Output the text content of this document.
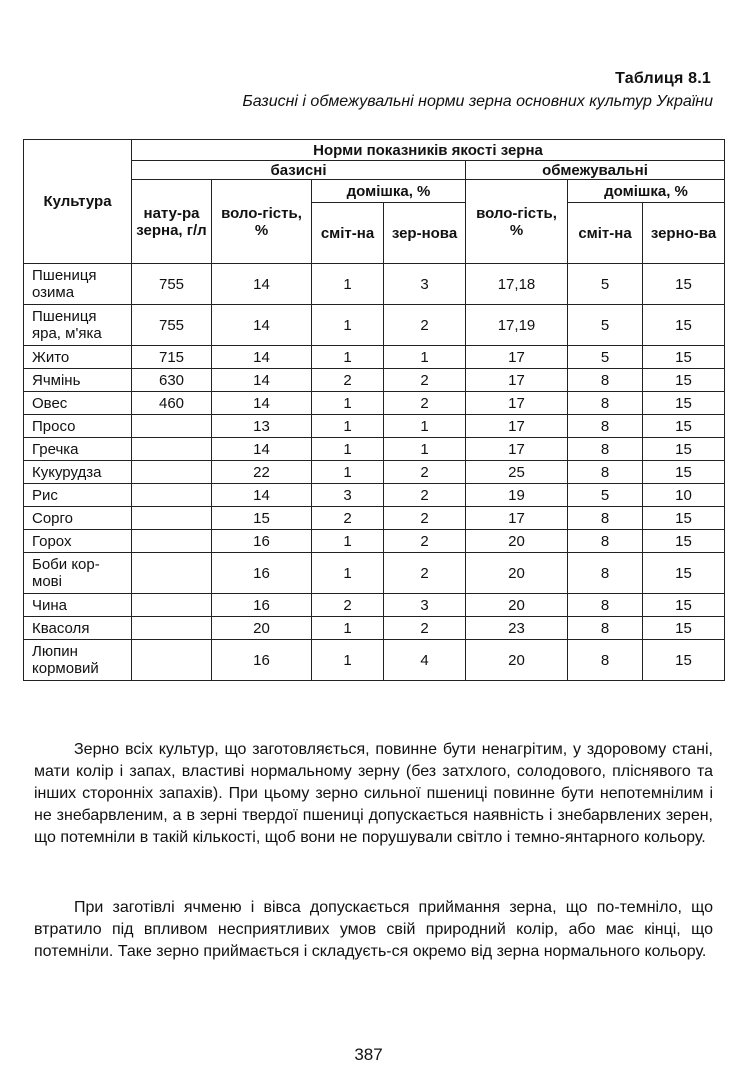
Таблиця 8.1
Базисні і обмежувальні норми зерна основних культур України
Культура	Норми показників якості зерна						
	базисні				обмежувальні		
	нату-ра зерна, г/л	воло-гість, %	домішка, %		воло-гість, %	домішка, %	
			сміт-на	зер-нова		сміт-на	зерно-ва
Пшениця озима	755	14	1	3	17,18	5	15
Пшениця яра, м'яка	755	14	1	2	17,19	5	15
Жито	715	14	1	1	17	5	15
Ячмінь	630	14	2	2	17	8	15
Овес	460	14	1	2	17	8	15
Просо		13	1	1	17	8	15
Гречка		14	1	1	17	8	15
Кукурудза		22	1	2	25	8	15
Рис		14	3	2	19	5	10
Сорго		15	2	2	17	8	15
Горох		16	1	2	20	8	15
Боби кор-мові		16	1	2	20	8	15
Чина		16	2	3	20	8	15
Квасоля		20	1	2	23	8	15
Люпин кормовий		16	1	4	20	8	15
Зерно всіх культур, що заготовляється, повинне бути ненагрітим, у здоровому стані, мати колір і запах, властиві нормальному зерну (без затхлого, солодового, пліснявого та інших сторонніх запахів). При цьому зерно сильної пшениці повинне бути непотемнілим і не знебарвленим, а в зерні твердої пшениці допускається наявність і знебарвлених зерен, що потемніли в такій кількості, щоб вони не порушували світло і темно-янтарного кольору.
При заготівлі ячменю і вівса допускається приймання зерна, що по-темніло, що втратило під впливом несприятливих умов свій природний колір, або має кінці, що потемніли. Таке зерно приймається і складуєть-ся окремо від зерна нормального кольору.
387
